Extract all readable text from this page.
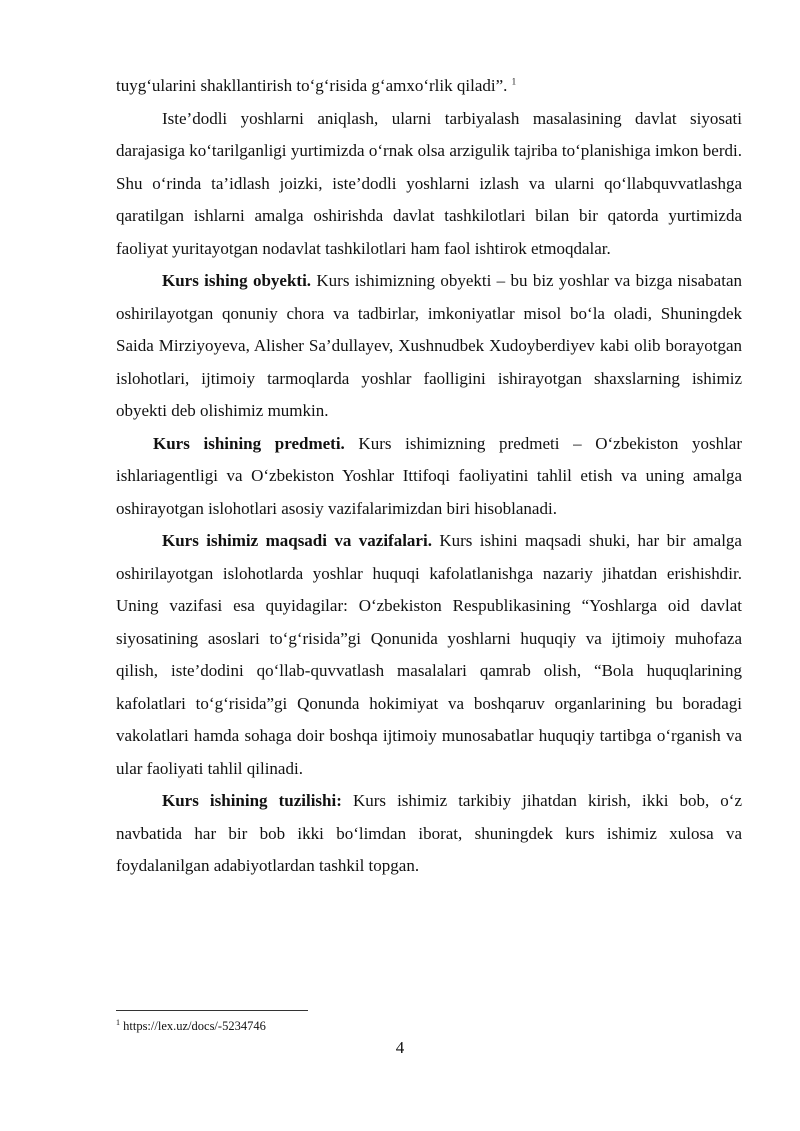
tuyg‘ularini shakllantirish to‘g‘risida g‘amxo‘rlik qiladi”. $^1$

Iste’dodli yoshlarni aniqlash, ularni tarbiyalash masalasining davlat siyosati darajasiga ko‘tarilganligi yurtimizda o‘rnak olsa arzigulik tajriba to‘planishiga imkon berdi. Shu o‘rinda ta’idlash joizki, iste’dodli yoshlarni izlash va ularni qo‘llabquvvatlashga qaratilgan ishlarni amalga oshirishda davlat tashkilotlari bilan bir qatorda yurtimizda faoliyat yuritayotgan nodavlat tashkilotlari ham faol ishtirok etmoqdalar.

Kurs ishing obyekti. Kurs ishimizning obyekti – bu biz yoshlar va bizga nisabatan oshirilayotgan qonuniy chora va tadbirlar, imkoniyatlar misol bo‘la oladi, Shuningdek Saida Mirziyoyeva, Alisher Sa’dullayev, Xushnudbek Xudoyberdiyev kabi olib borayotgan islohotlari, ijtimoiy tarmoqlarda yoshlar faolligini ishirayotgan shaxslarning ishimiz obyekti deb olishimiz mumkin.

Kurs ishining predmeti. Kurs ishimizning predmeti – O‘zbekiston yoshlar ishlariagentligi va O‘zbekiston Yoshlar Ittifoqi faoliyatini tahlil etish va uning amalga oshirayotgan islohotlari asosiy vazifalarimizdan biri hisoblanadi.

Kurs ishimiz maqsadi va vazifalari. Kurs ishini maqsadi shuki, har bir amalga oshirilayotgan islohotlarda yoshlar huquqi kafolatlanishga nazariy jihatdan erishishdir. Uning vazifasi esa quyidagilar: O‘zbekiston Respublikasining “Yoshlarga oid davlat siyosatining asoslari to‘g‘risida”gi Qonunida yoshlarni huquqiy va ijtimoiy muhofaza qilish, iste’dodini qo‘llab-quvvatlash masalalari qamrab olish, “Bola huquqlarining kafolatlari to‘g‘risida”gi Qonunda hokimiyat va boshqaruv organlarining bu boradagi vakolatlari hamda sohaga doir boshqa ijtimoiy munosabatlar huquqiy tartibga o‘rganish va ular faoliyati tahlil qilinadi.

Kurs ishining tuzilishi: Kurs ishimiz tarkibiy jihatdan kirish, ikki bob, o‘z navbatida har bir bob ikki bo‘limdan iborat, shuningdek kurs ishimiz xulosa va foydalanilgan adabiyotlardan tashkil topgan.

$^1$ https://lex.uz/docs/-5234746
4
